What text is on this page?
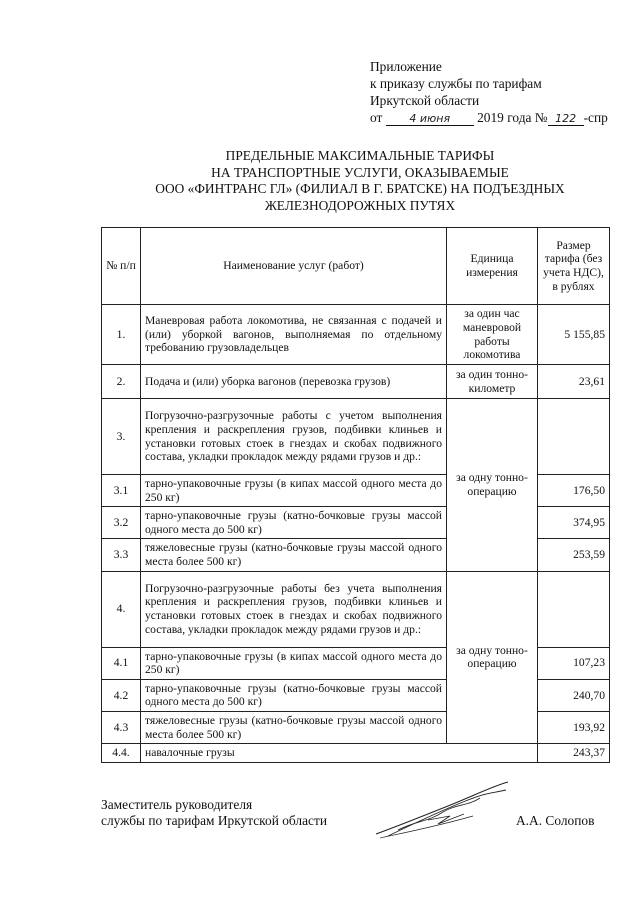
Приложение
к приказу службы по тарифам
Иркутской области
от 4 июня 2019 года № 122 -спр
ПРЕДЕЛЬНЫЕ МАКСИМАЛЬНЫЕ ТАРИФЫ
НА ТРАНСПОРТНЫЕ УСЛУГИ, ОКАЗЫВАЕМЫЕ
ООО «ФИНТРАНС ГЛ» (ФИЛИАЛ В Г. БРАТСКЕ) НА ПОДЪЕЗДНЫХ
ЖЕЛЕЗНОДОРОЖНЫХ ПУТЯХ
№ п/п	Наименование услуг (работ)	Единица измерения	Размер тарифа (без учета НДС), в рублях
1.	Маневровая работа локомотива, не связанная с подачей и (или) уборкой вагонов, выполняемая по отдельному требованию грузовладельцев	за один час маневровой работы локомотива	5 155,85
2.	Подача и (или) уборка вагонов (перевозка грузов)	за один тонно-километр	23,61
3.	Погрузочно-разгрузочные работы с учетом выполнения крепления и раскрепления грузов, подбивки клиньев и установки готовых стоек в гнездах и скобах подвижного состава, укладки прокладок между рядами грузов и др.:	за одну тонно-операцию	
3.1	тарно-упаковочные грузы (в кипах массой одного места до 250 кг)		176,50
3.2	тарно-упаковочные грузы (катно-бочковые грузы массой одного места до 500 кг)		374,95
3.3	тяжеловесные грузы (катно-бочковые грузы массой одного места более 500 кг)		253,59
4.	Погрузочно-разгрузочные работы без учета выполнения крепления и раскрепления грузов, подбивки клиньев и установки готовых стоек в гнездах и скобах подвижного состава, укладки прокладок между рядами грузов и др.:	за одну тонно-операцию	
4.1	тарно-упаковочные грузы (в кипах массой одного места до 250 кг)		107,23
4.2	тарно-упаковочные грузы (катно-бочковые грузы массой одного места до 500 кг)		240,70
4.3	тяжеловесные грузы (катно-бочковые грузы массой одного места более 500 кг)		193,92
4.4.	навалочные грузы		243,37
Заместитель руководителя
службы по тарифам Иркутской области	А.А. Солопов
